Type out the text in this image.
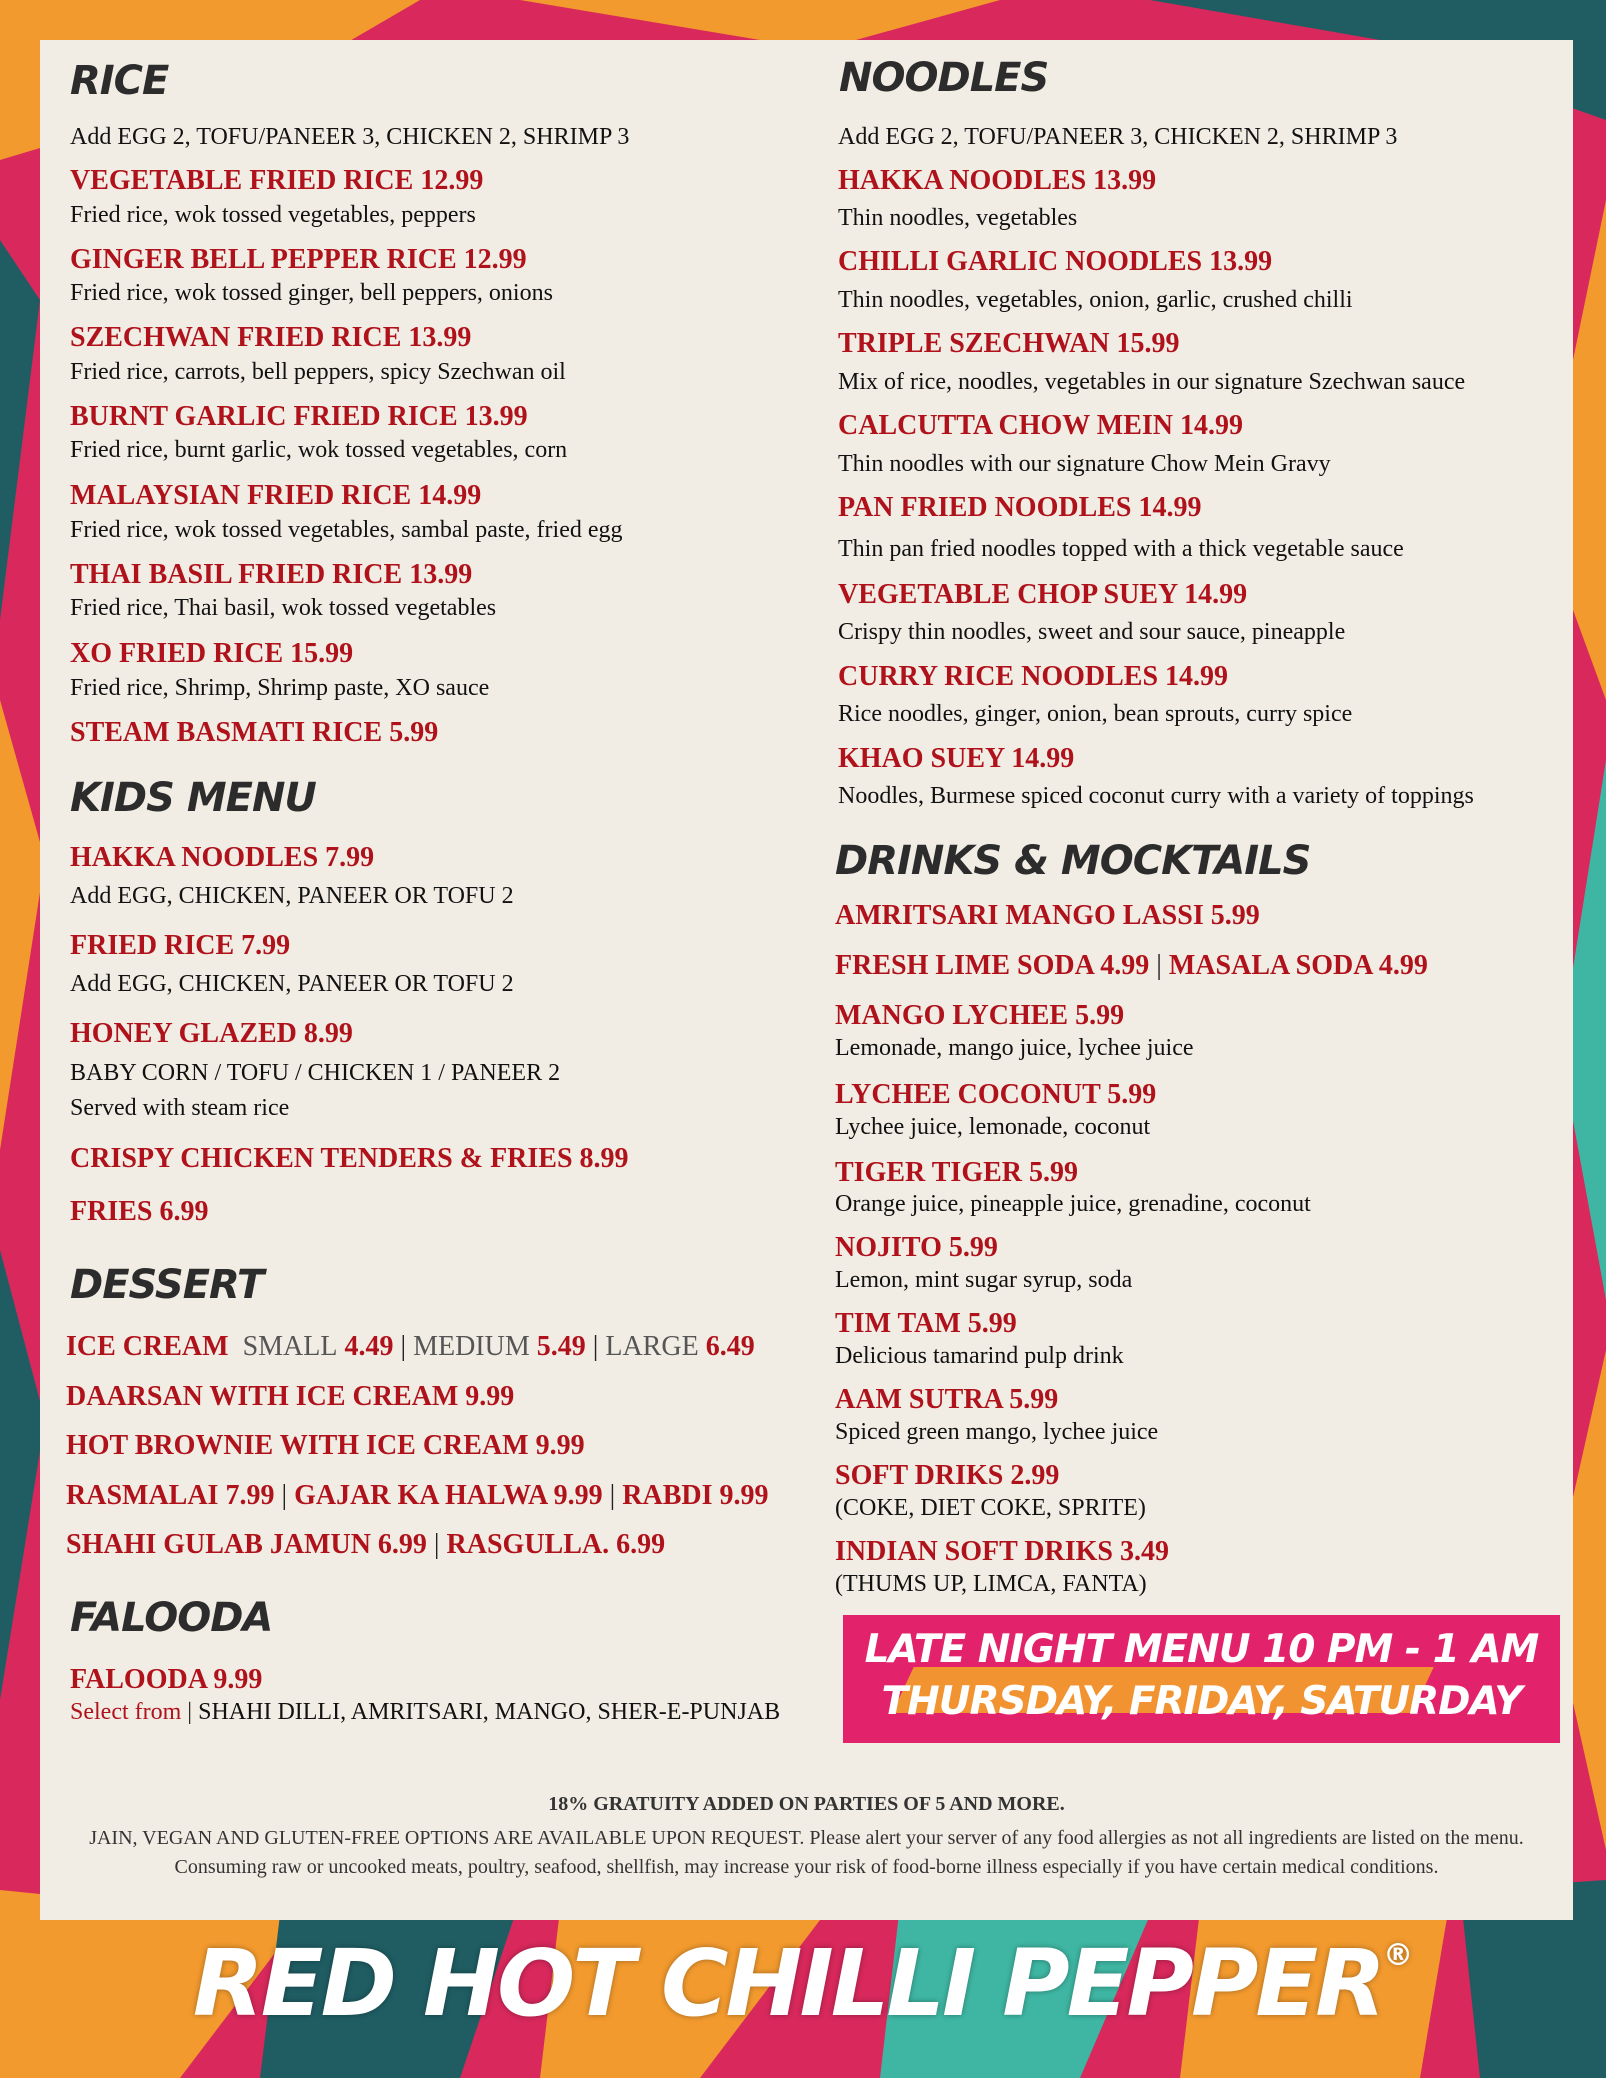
RICE
Add EGG 2, TOFU/PANEER 3, CHICKEN 2, SHRIMP 3
VEGETABLE FRIED RICE 12.99
Fried rice, wok tossed vegetables, peppers
GINGER BELL PEPPER RICE 12.99
Fried rice, wok tossed ginger, bell peppers, onions
SZECHWAN FRIED RICE 13.99
Fried rice, carrots, bell peppers, spicy Szechwan oil
BURNT GARLIC FRIED RICE 13.99
Fried rice, burnt garlic, wok tossed vegetables, corn
MALAYSIAN FRIED RICE 14.99
Fried rice, wok tossed vegetables, sambal paste, fried egg
THAI BASIL FRIED RICE 13.99
Fried rice, Thai basil, wok tossed vegetables
XO FRIED RICE 15.99
Fried rice, Shrimp, Shrimp paste, XO sauce
STEAM BASMATI RICE 5.99
KIDS MENU
HAKKA NOODLES 7.99
Add EGG, CHICKEN, PANEER OR TOFU 2
FRIED RICE 7.99
Add EGG, CHICKEN, PANEER OR TOFU 2
HONEY GLAZED 8.99
BABY CORN / TOFU / CHICKEN 1 / PANEER 2
Served with steam rice
CRISPY CHICKEN TENDERS & FRIES 8.99
FRIES 6.99
DESSERT
ICE CREAM SMALL 4.49 | MEDIUM 5.49 | LARGE 6.49
DAARSAN WITH ICE CREAM 9.99
HOT BROWNIE WITH ICE CREAM 9.99
RASMALAI 7.99 | GAJAR KA HALWA 9.99 | RABDI 9.99
SHAHI GULAB JAMUN 6.99 | RASGULLA. 6.99
FALOODA
FALOODA 9.99
Select from | SHAHI DILLI, AMRITSARI, MANGO, SHER-E-PUNJAB
NOODLES
Add EGG 2, TOFU/PANEER 3, CHICKEN 2, SHRIMP 3
HAKKA NOODLES 13.99
Thin noodles, vegetables
CHILLI GARLIC NOODLES 13.99
Thin noodles, vegetables, onion, garlic, crushed chilli
TRIPLE SZECHWAN 15.99
Mix of rice, noodles, vegetables in our signature Szechwan sauce
CALCUTTA CHOW MEIN 14.99
Thin noodles with our signature Chow Mein Gravy
PAN FRIED NOODLES 14.99
Thin pan fried noodles topped with a thick vegetable sauce
VEGETABLE CHOP SUEY 14.99
Crispy thin noodles, sweet and sour sauce, pineapple
CURRY RICE NOODLES 14.99
Rice noodles, ginger, onion, bean sprouts, curry spice
KHAO SUEY 14.99
Noodles, Burmese spiced coconut curry with a variety of toppings
DRINKS & MOCKTAILS
AMRITSARI MANGO LASSI 5.99
FRESH LIME SODA 4.99 | MASALA SODA 4.99
MANGO LYCHEE 5.99
Lemonade, mango juice, lychee juice
LYCHEE COCONUT 5.99
Lychee juice, lemonade, coconut
TIGER TIGER 5.99
Orange juice, pineapple juice, grenadine, coconut
NOJITO 5.99
Lemon, mint sugar syrup, soda
TIM TAM 5.99
Delicious tamarind pulp drink
AAM SUTRA 5.99
Spiced green mango, lychee juice
SOFT DRIKS 2.99
(COKE, DIET COKE, SPRITE)
INDIAN SOFT DRIKS 3.49
(THUMS UP, LIMCA, FANTA)
LATE NIGHT MENU 10 PM - 1 AM
THURSDAY, FRIDAY, SATURDAY
18% GRATUITY ADDED ON PARTIES OF 5 AND MORE.
JAIN, VEGAN AND GLUTEN-FREE OPTIONS ARE AVAILABLE UPON REQUEST. Please alert your server of any food allergies as not all ingredients are listed on the menu. Consuming raw or uncooked meats, poultry, seafood, shellfish, may increase your risk of food-borne illness especially if you have certain medical conditions.
RED HOT CHILLI PEPPER®
